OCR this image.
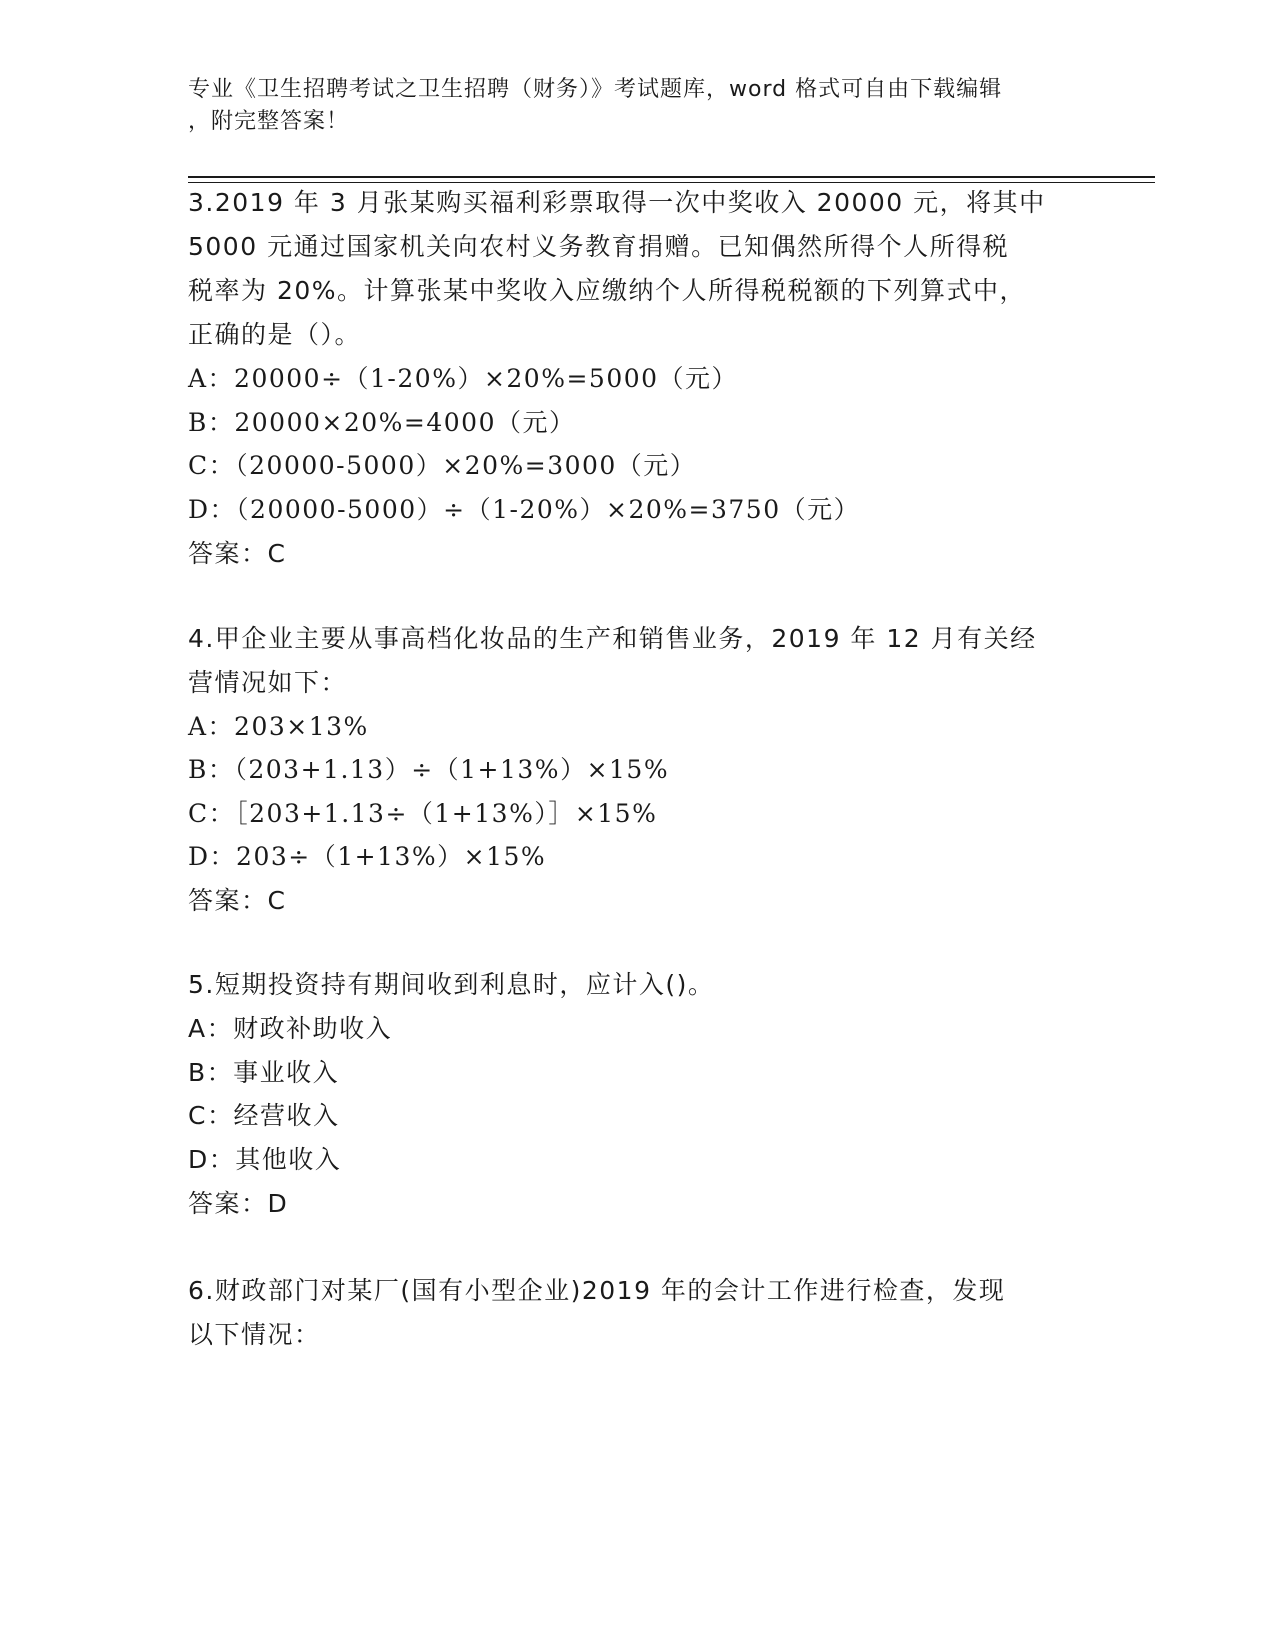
专业《卫生招聘考试之卫生招聘（财务）》考试题库，word 格式可自由下载编辑
，附完整答案！
3.2019 年 3 月张某购买福利彩票取得一次中奖收入 20000 元，将其中
5000 元通过国家机关向农村义务教育捐赠。已知偶然所得个人所得税
税率为 20%。计算张某中奖收入应缴纳个人所得税税额的下列算式中，
正确的是（）。
A：20000÷（1-20%）×20%=5000（元）
B：20000×20%=4000（元）
C：（20000-5000）×20%=3000（元）
D：（20000-5000）÷（1-20%）×20%=3750（元）
答案：C
4.甲企业主要从事高档化妆品的生产和销售业务，2019 年 12 月有关经
营情况如下：
A：203×13%
B：（203+1.13）÷（1+13%）×15%
C：［203+1.13÷（1+13%）］×15%
D：203÷（1+13%）×15%
答案：C
5.短期投资持有期间收到利息时，应计入()。
A：财政补助收入
B：事业收入
C：经营收入
D：其他收入
答案：D
6.财政部门对某厂(国有小型企业)2019 年的会计工作进行检查，发现
以下情况：
